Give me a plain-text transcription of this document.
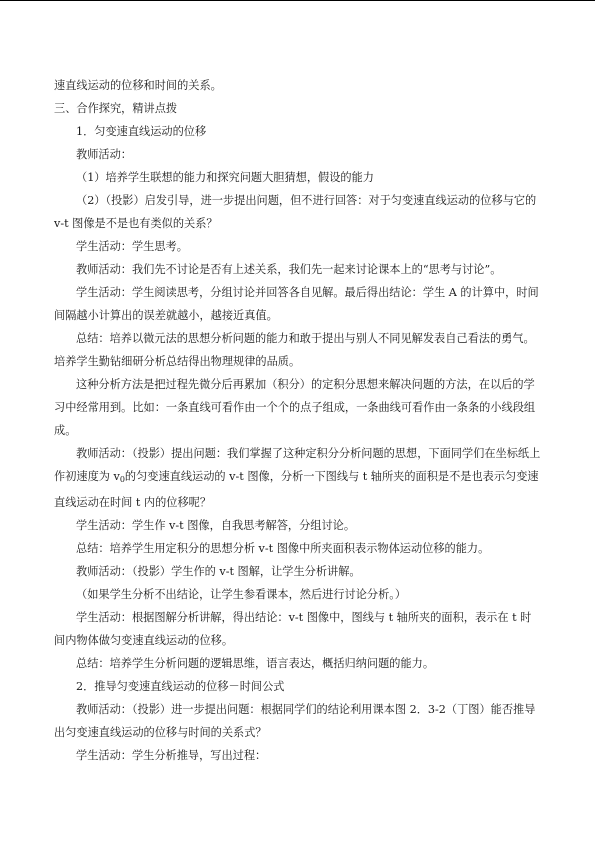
速直线运动的位移和时间的关系。

三、合作探究，精讲点拨

1．匀变速直线运动的位移

教师活动：

（1）培养学生联想的能力和探究问题大胆猜想，假设的能力

（2）（投影）启发引导，进一步提出问题，但不进行回答：对于匀变速直线运动的位移与它的 v-t 图像是不是也有类似的关系？

学生活动：学生思考。

教师活动：我们先不讨论是否有上述关系，我们先一起来讨论课本上的“思考与讨论”。

学生活动：学生阅读思考，分组讨论并回答各自见解。最后得出结论：学生 A 的计算中，时间间隔越小计算出的误差就越小，越接近真值。

总结：培养以微元法的思想分析问题的能力和敢于提出与别人不同见解发表自己看法的勇气。培养学生勤钻细研分析总结得出物理规律的品质。

这种分析方法是把过程先微分后再累加（积分）的定积分思想来解决问题的方法，在以后的学习中经常用到。比如：一条直线可看作由一个个的点子组成，一条曲线可看作由一条条的小线段组成。

教师活动：（投影）提出问题：我们掌握了这种定积分分析问题的思想，下面同学们在坐标纸上作初速度为 $v_0$的匀变速直线运动的 v-t 图像，分析一下图线与 t 轴所夹的面积是不是也表示匀变速直线运动在时间 t 内的位移呢？

学生活动：学生作 v-t 图像，自我思考解答，分组讨论。

总结：培养学生用定积分的思想分析 v-t 图像中所夹面积表示物体运动位移的能力。

教师活动：（投影）学生作的 v-t 图解，让学生分析讲解。

（如果学生分析不出结论，让学生参看课本，然后进行讨论分析。）

学生活动：根据图解分析讲解，得出结论：v-t 图像中，图线与 t 轴所夹的面积，表示在 t 时间内物体做匀变速直线运动的位移。

总结：培养学生分析问题的逻辑思维，语言表达，概括归纳问题的能力。

2．推导匀变速直线运动的位移－时间公式

教师活动：（投影）进一步提出问题：根据同学们的结论利用课本图 2．3-2（丁图）能否推导出匀变速直线运动的位移与时间的关系式？

学生活动：学生分析推导，写出过程：
